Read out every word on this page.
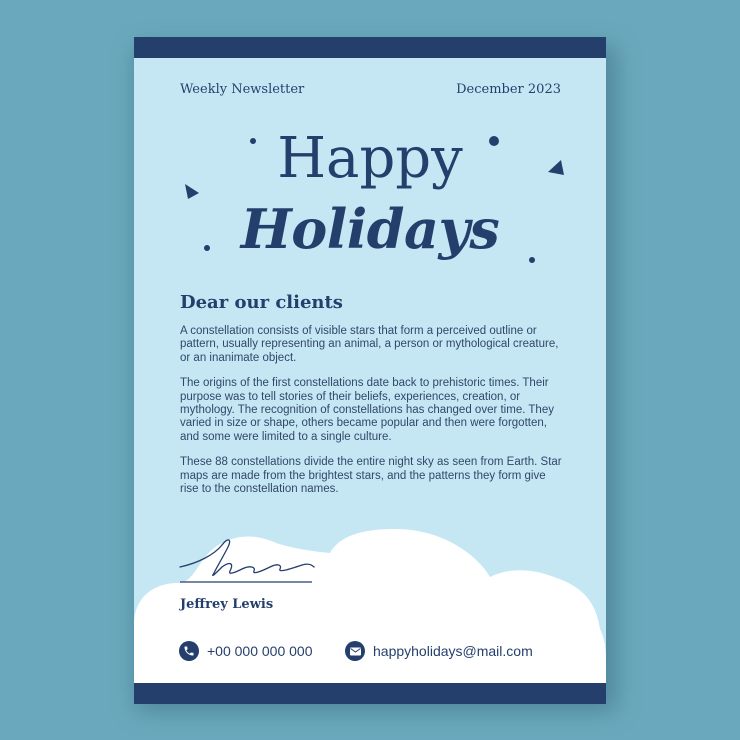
Weekly Newsletter	December 2023
Happy
Holidays
Dear our clients

A constellation consists of visible stars that form a perceived outline or pattern, usually representing an animal, a person or mythological creature, or an inanimate object.

The origins of the first constellations date back to prehistoric times. Their purpose was to tell stories of their beliefs, experiences, creation, or mythology. The recognition of constellations has changed over time. They varied in size or shape, others became popular and then were forgotten, and some were limited to a single culture.

These 88 constellations divide the entire night sky as seen from Earth. Star maps are made from the brightest stars, and the patterns they form give rise to the constellation names.

Jeffrey Lewis
+00 000 000 000	happyholidays@mail.com
